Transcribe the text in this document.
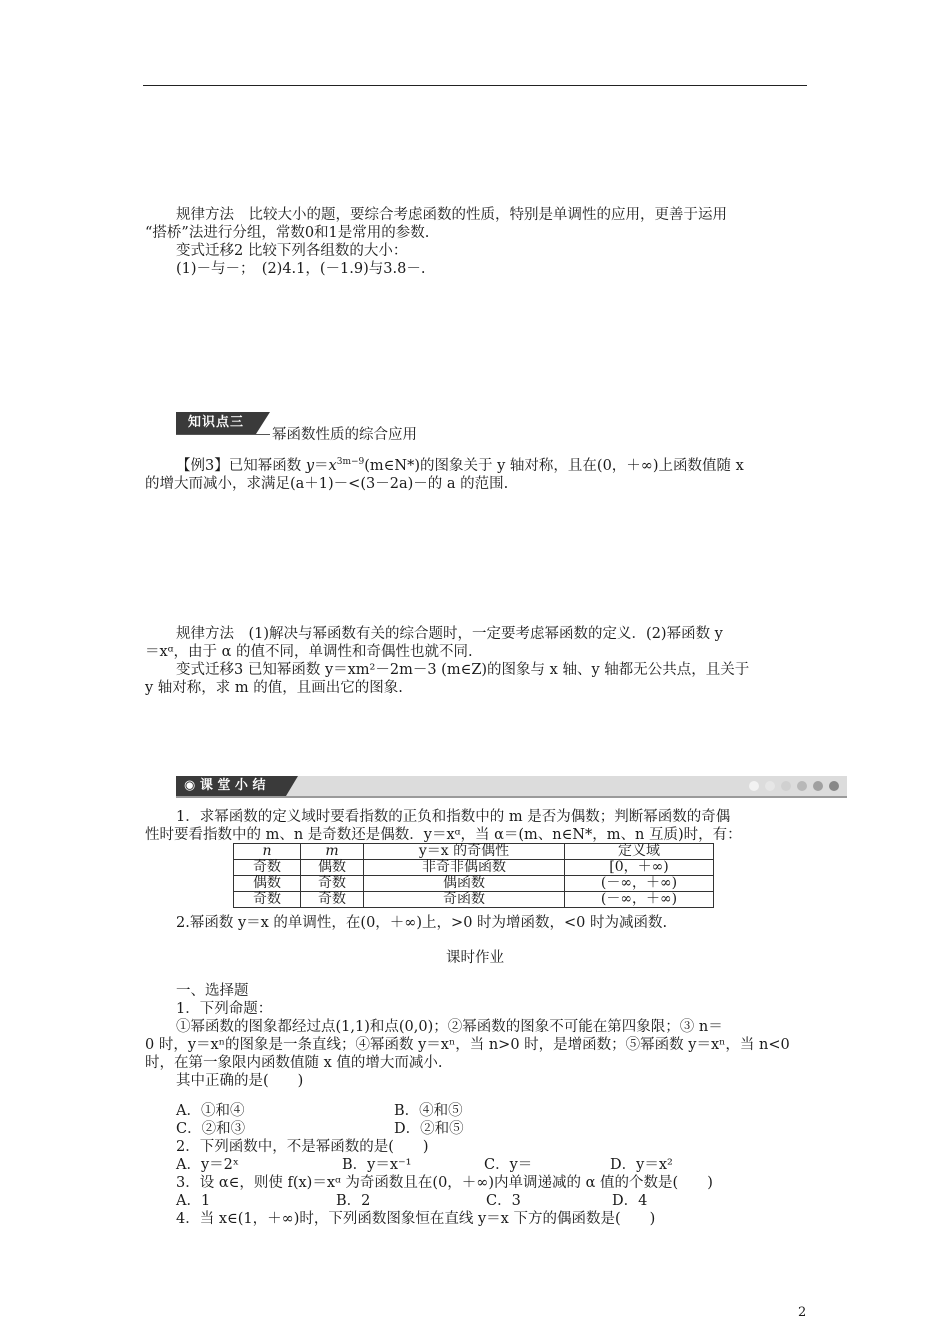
规律方法　比较大小的题，要综合考虑函数的性质，特别是单调性的应用，更善于运用
“搭桥”法进行分组，常数0和1是常用的参数.
变式迁移2 比较下列各组数的大小：
(1)－与－；　(2)4.1，(－1.9)与3.8－.
知识点三
幂函数性质的综合应用
【例3】已知幂函数 $y=x^{3m-9}(m\in N*)$的图象关于 y 轴对称，且在(0，＋∞)上函数值随 x
的增大而减小，求满足(a＋1)－<(3－2a)－的 a 的范围.
规律方法　(1)解决与幂函数有关的综合题时，一定要考虑幂函数的定义．(2)幂函数 y
＝xᵅ，由于 α 的值不同，单调性和奇偶性也就不同.
变式迁移3 已知幂函数 y＝xm²－2m－3 (m∈Z)的图象与 x 轴、y 轴都无公共点，且关于
y 轴对称，求 m 的值，且画出它的图象.
◉ 课 堂 小 结
1．求幂函数的定义域时要看指数的正负和指数中的 m 是否为偶数；判断幂函数的奇偶
性时要看指数中的 m、n 是奇数还是偶数．y＝xᵅ，当 α＝(m、n∈N*，m、n 互质)时，有：
n	m	y＝x 的奇偶性	定义域
奇数	偶数	非奇非偶函数	[0，＋∞)
偶数	奇数	偶函数	(－∞，＋∞)
奇数	奇数	奇函数	(－∞，＋∞)
2.幂函数 y＝x 的单调性，在(0，＋∞)上，>0 时为增函数，<0 时为减函数.
课时作业
一、选择题
1．下列命题：
①幂函数的图象都经过点(1,1)和点(0,0)；②幂函数的图象不可能在第四象限；③ n＝
0 时，y＝xⁿ的图象是一条直线；④幂函数 y＝xⁿ，当 n>0 时，是增函数；⑤幂函数 y＝xⁿ，当 n<0
时，在第一象限内函数值随 x 值的增大而减小.
其中正确的是(　　)
A．①和④	B．④和⑤
C．②和③	D．②和⑤
2．下列函数中，不是幂函数的是(　　)
A．y＝2ˣ	B．y＝x⁻¹	C．y＝	D．y＝x²
3．设 α∈，则使 f(x)＝xᵅ 为奇函数且在(0，＋∞)内单调递减的 α 值的个数是(　　)
A．1	B．2	C．3	D．4
4．当 x∈(1，＋∞)时，下列函数图象恒在直线 y＝x 下方的偶函数是(　　)
2
